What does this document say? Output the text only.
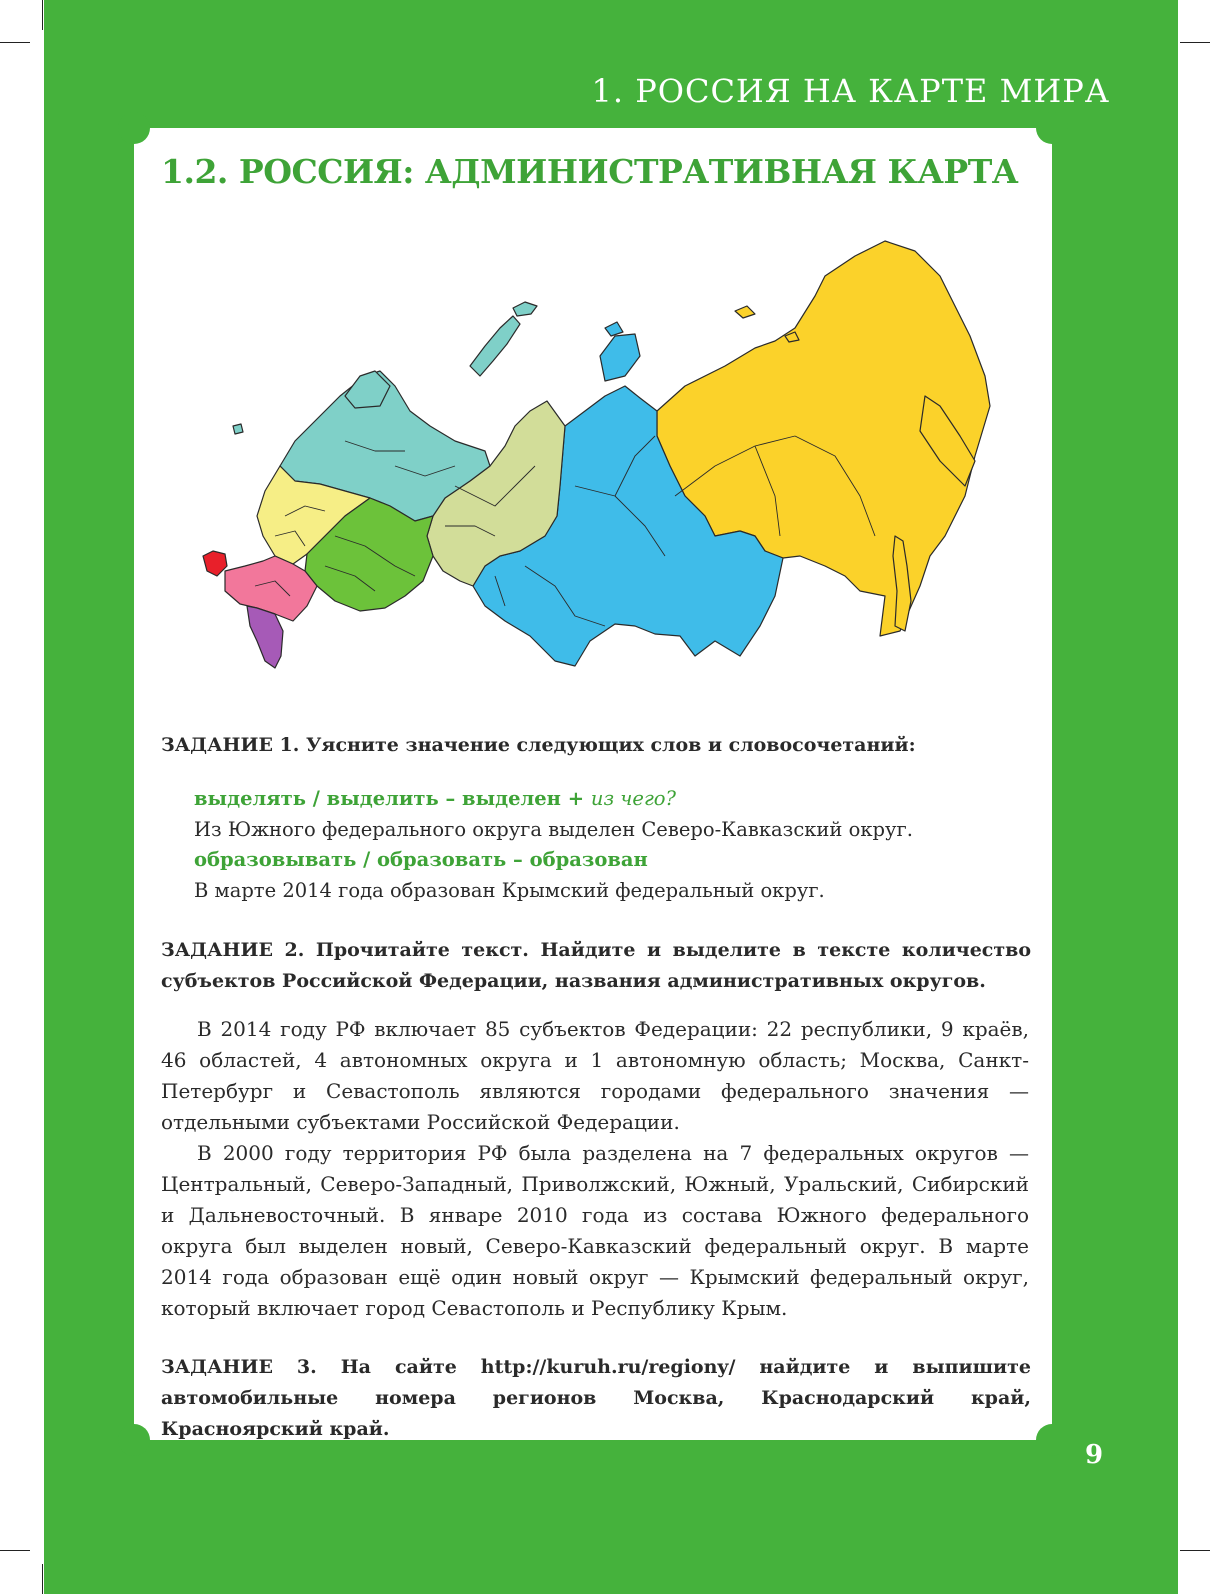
1. РОССИЯ НА КАРТЕ МИРА
1.2. РОССИЯ: АДМИНИСТРАТИВНАЯ КАРТА
ЗАДАНИЕ 1. Уясните значение следующих слов и словосочетаний:
выделять / выделить – выделен + из чего?
Из Южного федерального округа выделен Северо-Кавказский округ.
образовывать / образовать – образован
В марте 2014 года образован Крымский федеральный округ.
ЗАДАНИЕ 2. Прочитайте текст. Найдите и выделите в тексте количество субъектов Российской Федерации, названия административных округов.

В 2014 году РФ включает 85 субъектов Федерации: 22 республики, 9 краёв, 46 областей, 4 автономных округа и 1 автономную область; Москва, Санкт-Петербург и Севастополь являются городами федерального значения — отдельными субъектами Российской Федерации.

В 2000 году территория РФ была разделена на 7 федеральных округов — Центральный, Северо-Западный, Приволжский, Южный, Уральский, Сибирский и Дальневосточный. В январе 2010 года из состава Южного федерального округа был выделен новый, Северо-Кавказский федеральный округ. В марте 2014 года образован ещё один новый округ — Крымский федеральный округ, который включает город Севастополь и Республику Крым.

ЗАДАНИЕ 3. На сайте http://kuruh.ru/regiony/ найдите и выпишите автомобильные номера регионов Москва, Краснодарский край, Красноярский край.
9
